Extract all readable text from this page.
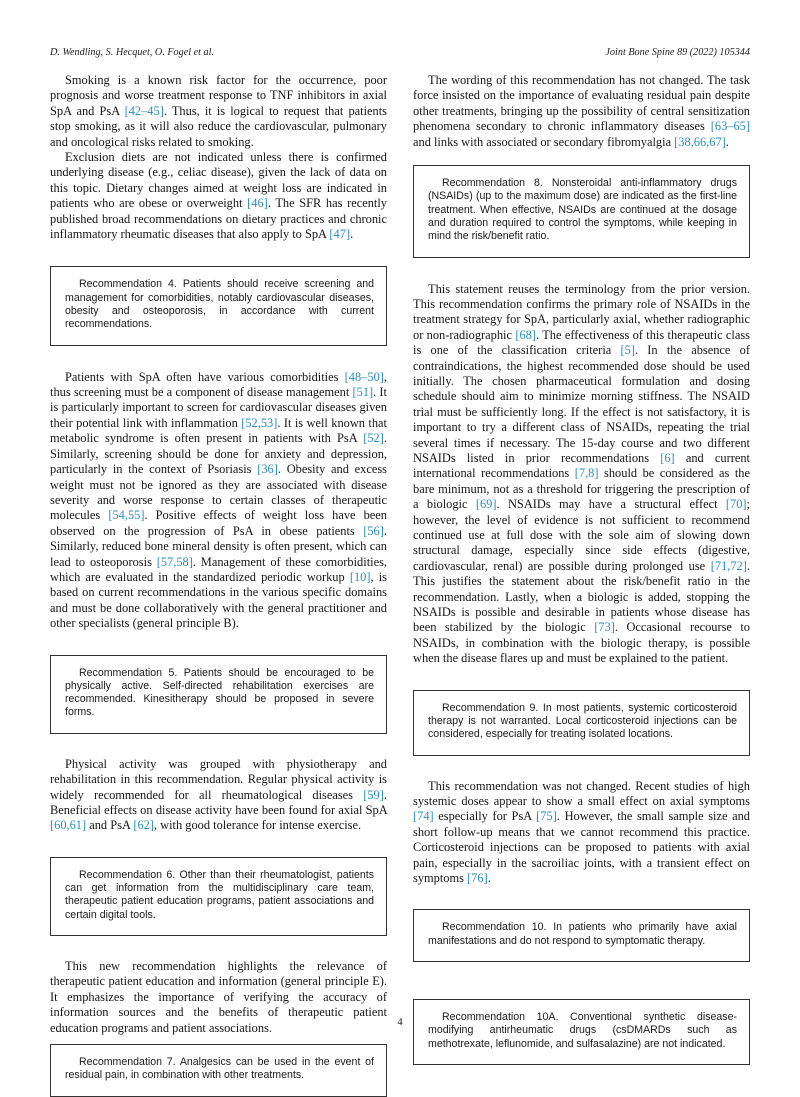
D. Wendling, S. Hecquet, O. Fogel et al.	Joint Bone Spine 89 (2022) 105344

Smoking is a known risk factor for the occurrence, poor prognosis and worse treatment response to TNF inhibitors in axial SpA and PsA [42–45]. Thus, it is logical to request that patients stop smoking, as it will also reduce the cardiovascular, pulmonary and oncological risks related to smoking.

Exclusion diets are not indicated unless there is confirmed underlying disease (e.g., celiac disease), given the lack of data on this topic. Dietary changes aimed at weight loss are indicated in patients who are obese or overweight [46]. The SFR has recently published broad recommendations on dietary practices and chronic inflammatory rheumatic diseases that also apply to SpA [47].

Recommendation 4. Patients should receive screening and management for comorbidities, notably cardiovascular diseases, obesity and osteoporosis, in accordance with current recommendations.

Patients with SpA often have various comorbidities [48–50], thus screening must be a component of disease management [51]. It is particularly important to screen for cardiovascular diseases given their potential link with inflammation [52,53]. It is well known that metabolic syndrome is often present in patients with PsA [52]. Similarly, screening should be done for anxiety and depression, particularly in the context of Psoriasis [36]. Obesity and excess weight must not be ignored as they are associated with disease severity and worse response to certain classes of therapeutic molecules [54,55]. Positive effects of weight loss have been observed on the progression of PsA in obese patients [56]. Similarly, reduced bone mineral density is often present, which can lead to osteoporosis [57,58]. Management of these comorbidities, which are evaluated in the standardized periodic workup [10], is based on current recommendations in the various specific domains and must be done collaboratively with the general practitioner and other specialists (general principle B).

Recommendation 5. Patients should be encouraged to be physically active. Self-directed rehabilitation exercises are recommended. Kinesitherapy should be proposed in severe forms.

Physical activity was grouped with physiotherapy and rehabilitation in this recommendation. Regular physical activity is widely recommended for all rheumatological diseases [59]. Beneficial effects on disease activity have been found for axial SpA [60,61] and PsA [62], with good tolerance for intense exercise.

Recommendation 6. Other than their rheumatologist, patients can get information from the multidisciplinary care team, therapeutic patient education programs, patient associations and certain digital tools.

This new recommendation highlights the relevance of therapeutic patient education and information (general principle E). It emphasizes the importance of verifying the accuracy of information sources and the benefits of therapeutic patient education programs and patient associations.

Recommendation 7. Analgesics can be used in the event of residual pain, in combination with other treatments.

The wording of this recommendation has not changed. The task force insisted on the importance of evaluating residual pain despite other treatments, bringing up the possibility of central sensitization phenomena secondary to chronic inflammatory diseases [63–65] and links with associated or secondary fibromyalgia [38,66,67].

Recommendation 8. Nonsteroidal anti-inflammatory drugs (NSAIDs) (up to the maximum dose) are indicated as the first-line treatment. When effective, NSAIDs are continued at the dosage and duration required to control the symptoms, while keeping in mind the risk/benefit ratio.

This statement reuses the terminology from the prior version. This recommendation confirms the primary role of NSAIDs in the treatment strategy for SpA, particularly axial, whether radiographic or non-radiographic [68]. The effectiveness of this therapeutic class is one of the classification criteria [5]. In the absence of contraindications, the highest recommended dose should be used initially. The chosen pharmaceutical formulation and dosing schedule should aim to minimize morning stiffness. The NSAID trial must be sufficiently long. If the effect is not satisfactory, it is important to try a different class of NSAIDs, repeating the trial several times if necessary. The 15-day course and two different NSAIDs listed in prior recommendations [6] and current international recommendations [7,8] should be considered as the bare minimum, not as a threshold for triggering the prescription of a biologic [69]. NSAIDs may have a structural effect [70]; however, the level of evidence is not sufficient to recommend continued use at full dose with the sole aim of slowing down structural damage, especially since side effects (digestive, cardiovascular, renal) are possible during prolonged use [71,72]. This justifies the statement about the risk/benefit ratio in the recommendation. Lastly, when a biologic is added, stopping the NSAIDs is possible and desirable in patients whose disease has been stabilized by the biologic [73]. Occasional recourse to NSAIDs, in combination with the biologic therapy, is possible when the disease flares up and must be explained to the patient.

Recommendation 9. In most patients, systemic corticosteroid therapy is not warranted. Local corticosteroid injections can be considered, especially for treating isolated locations.

This recommendation was not changed. Recent studies of high systemic doses appear to show a small effect on axial symptoms [74] especially for PsA [75]. However, the small sample size and short follow-up means that we cannot recommend this practice. Corticosteroid injections can be proposed to patients with axial pain, especially in the sacroiliac joints, with a transient effect on symptoms [76].

Recommendation 10. In patients who primarily have axial manifestations and do not respond to symptomatic therapy.
Recommendation 10A. Conventional synthetic disease-modifying antirheumatic drugs (csDMARDs such as methotrexate, leflunomide, and sulfasalazine) are not indicated.
4
